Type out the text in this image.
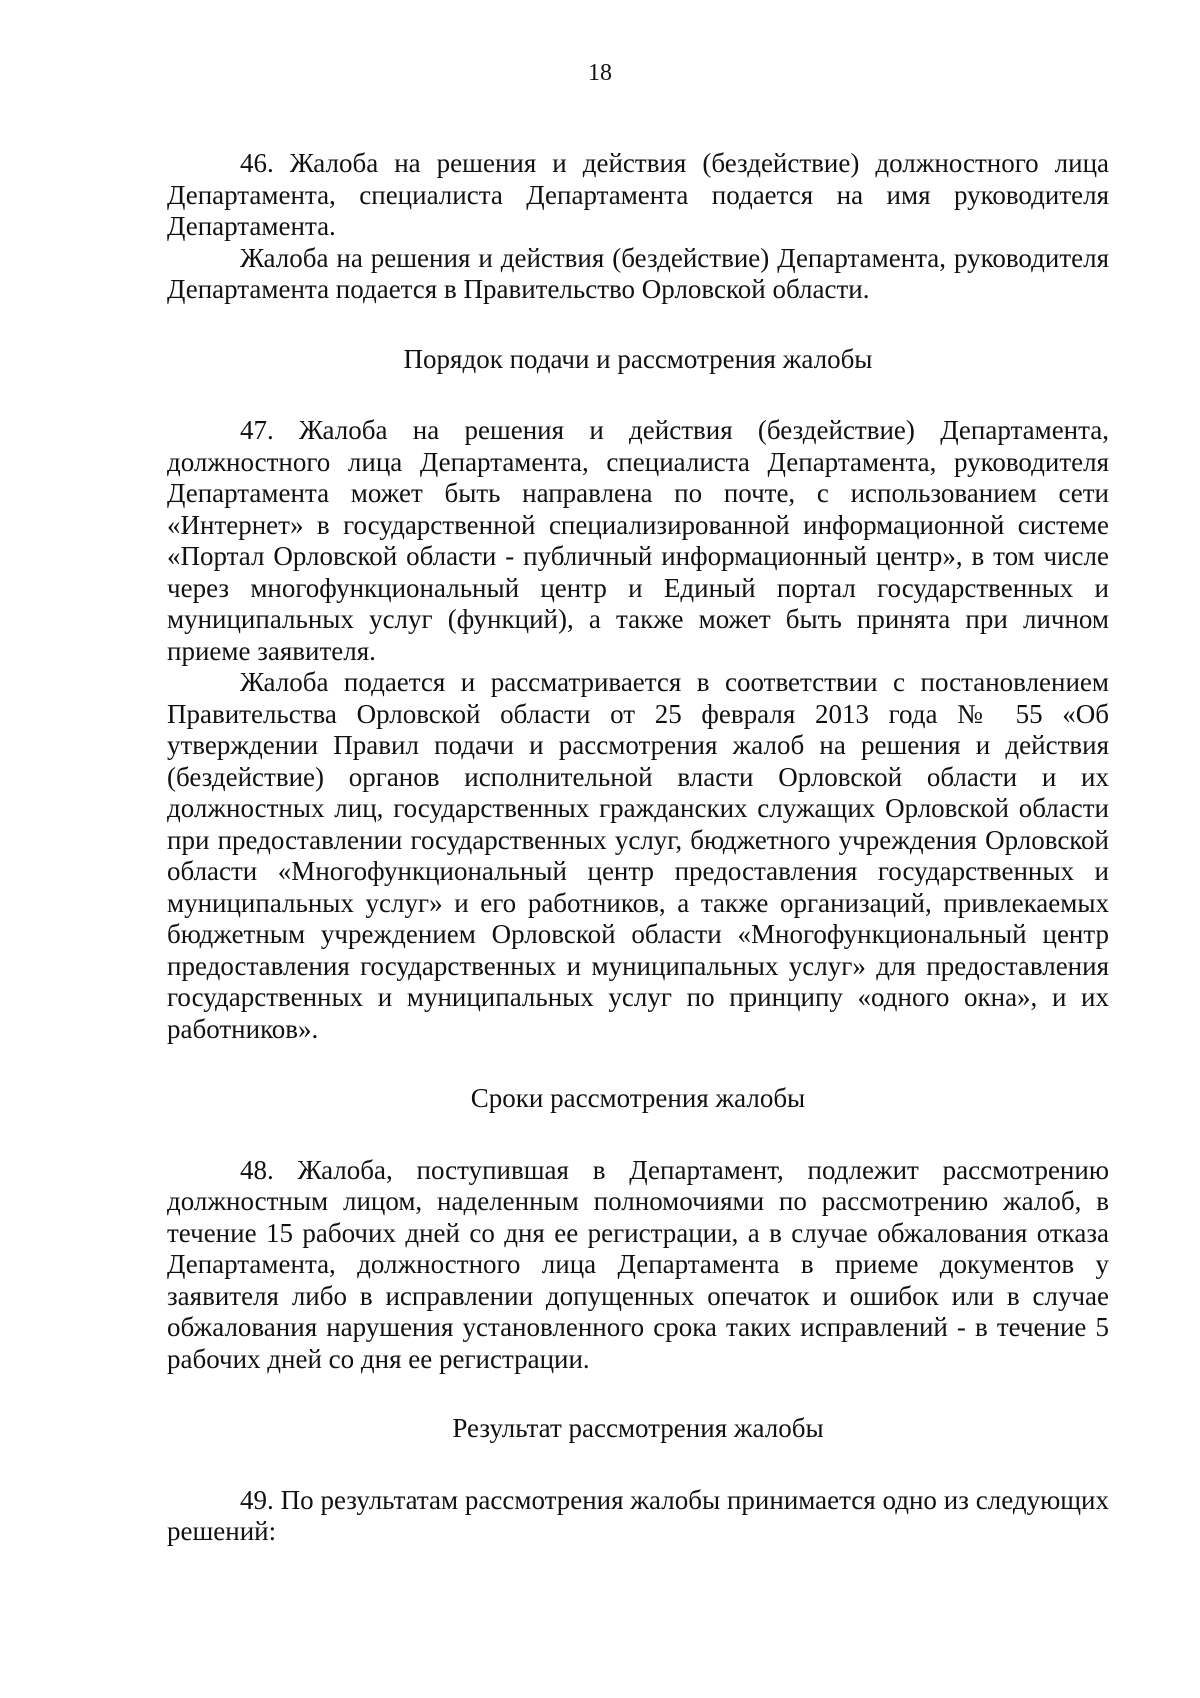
18

46. Жалоба на решения и действия (бездействие) должностного лица Департамента, специалиста Департамента подается на имя руководителя Департамента.

Жалоба на решения и действия (бездействие) Департамента, руководителя Департамента подается в Правительство Орловской области.

Порядок подачи и рассмотрения жалобы

47. Жалоба на решения и действия (бездействие) Департамента, должностного лица Департамента, специалиста Департамента, руководителя Департамента может быть направлена по почте, с использованием сети «Интернет» в государственной специализированной информационной системе «Портал Орловской области - публичный информационный центр», в том числе через многофункциональный центр и Единый портал государственных и муниципальных услуг (функций), а также может быть принята при личном приеме заявителя.

Жалоба подается и рассматривается в соответствии с постановлением Правительства Орловской области от 25 февраля 2013 года № 55 «Об утверждении Правил подачи и рассмотрения жалоб на решения и действия (бездействие) органов исполнительной власти Орловской области и их должностных лиц, государственных гражданских служащих Орловской области при предоставлении государственных услуг, бюджетного учреждения Орловской области «Многофункциональный центр предоставления государственных и муниципальных услуг» и его работников, а также организаций, привлекаемых бюджетным учреждением Орловской области «Многофункциональный центр предоставления государственных и муниципальных услуг» для предоставления государственных и муниципальных услуг по принципу «одного окна», и их работников».

Сроки рассмотрения жалобы

48. Жалоба, поступившая в Департамент, подлежит рассмотрению должностным лицом, наделенным полномочиями по рассмотрению жалоб, в течение 15 рабочих дней со дня ее регистрации, а в случае обжалования отказа Департамента, должностного лица Департамента в приеме документов у заявителя либо в исправлении допущенных опечаток и ошибок или в случае обжалования нарушения установленного срока таких исправлений - в течение 5 рабочих дней со дня ее регистрации.

Результат рассмотрения жалобы

49. По результатам рассмотрения жалобы принимается одно из следующих решений:
